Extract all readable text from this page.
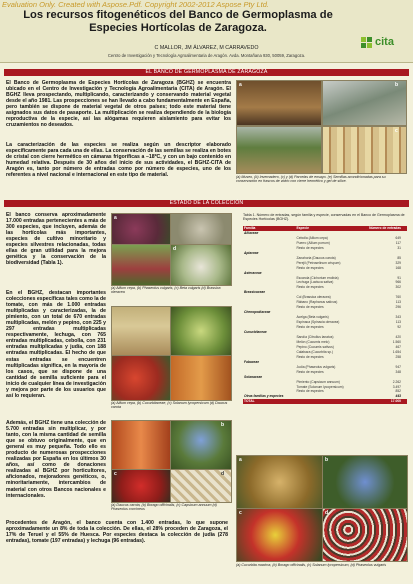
Evaluation Only. Created with Aspose.Pdf. Copyright 2002-2012 Aspose Pty Ltd.
Los recursos fitogenéticos del Banco de Germoplasma de Especies Hortícolas de Zaragoza.
cita
C MALLOR, JM ÁLVAREZ, M CARRAVEDO
Centro de Investigación y Tecnología Agroalimentaria de Aragón. Avda. Montañana 930, 50059, Zaragoza.
EL BANCO DE GERMOPLASMA DE ZARAGOZA
El Banco de Germoplasma de Especies Hortícolas de Zaragoza (BGHZ) se encuentra ubicado en el Centro de Investigación y Tecnología Agroalimentaria (CITA) de Aragón. El BGHZ lleva prospectando, multiplicando, caracterizando y conservando material vegetal desde el año 1981. Las prospecciones se han llevado a cabo fundamentalmente en España, pero también se dispone de material vegetal de otros países; todo este material tiene asignados sus datos de pasaporte. La multiplicación se realiza dependiendo de la biología reproductiva de la especie, así las alógamas requieren aislamiento para evitar los cruzamientos no deseados.
La caracterización de las especies se realiza según un descriptor elaborado específicamente para cada una de ellas. La conservación de las semillas se realiza en botes de cristal con cierre hermético en cámaras frigoríficas a –18ºC, y con un bajo contenido en humedad relativa. Después de 30 años del inicio de sus actividades, el BGHZ-CITA de Aragón es, tanto por número de entradas como por número de especies, uno de los referentes a nivel nacional e internacional en este tipo de material.
a	b
c
(a) Museo, (b) Invernadero, (c) y (d) Parcelas de ensayo. (e) Semillas acondicionadas para su conservación en frascos de vidrio con cierre hermético y gel de sílice.
ESTADO DE LA COLECCIÓN
El banco conserva aproximadamente 17.000 entradas pertenecientes a más de 300 especies, que incluyen, además de las hortícolas más importantes, especies de cultivo minoritario y especies silvestres relacionadas, todas ellas de gran utilidad para la mejora genética y la conservación de la biodiversidad (Tabla 1).
En el BGHZ, destacan importantes colecciones específicas tales como la de tomate, con más de 1.000 entradas multiplicadas y caracterizadas, la de pimiento, con un total de 670 entradas multiplicadas, melón y pepino, con 225 y 297 entradas multiplicadas respectivamente, lechuga, con 765 entradas multiplicadas, cebolla, con 231 entradas multiplicadas y judía, con 188 entradas multiplicadas. El hecho de que estas entradas se encuentren multiplicadas significa, en la mayoría de los casos, que se dispone de una cantidad de semilla suficiente para el inicio de cualquier línea de investigación y mejora por parte de los usuarios que así lo requieran.
Además, el BGHZ tiene una colección de 5.700 entradas sin multiplicar, y por tanto, con la misma cantidad de semilla que se obtuvo originalmente, que en general es muy pequeña. Todo ello es producto de numerosas prospecciones realizadas por España en los últimos 30 años, así como de donaciones realizadas al BGHZ por horticultores, aficionados, mejoradores genéticos, o, minoritariamente, intercambios de material con otros Bancos nacionales e internacionales.
Procedentes de Aragón, el banco cuenta con 1.400 entradas, lo que supone aproximadamente un 8% de toda la colección. De ellas, el 28% proceden de Zaragoza, el 17% de Teruel y el 55% de Huesca. Por especies destaca la colección de judía (278 entradas), tomate (197 entradas) y lechuga (96 entradas).
a
d
(a) Allium cepa, (b) Phaseolus vulgaris, (c) Beta vulgaris (d) Brassica oleracea
(a) Allium cepa, (b) Cucurbitaceae, (c) Solanum lycopersicum (d) Daucus carota
b
c	d
(a) Daucus carota, (b) Borago officinalis, (c) Capsicum annuum (d) Phaseolus coccineus
Tabla 1. Número de entradas, según familia y especie, conservadas en el Banco de Germoplasma de Especies Hortícolas (BGHZ).
Familia	Especie	Número de entradas
Alliaceae		
	Cebolla (Allium cepa)	649
	Puerro (Allium porrum)	117
	Resto de especies	31
Apiaceae		
	Zanahoria (Daucus carota)	85
	Perejil (Petroselinum crispum)	329
	Resto de especies	168
Asteraceae		
	Escarola (Cichorium endivia)	91
	Lechuga (Lactuca sativa)	966
	Resto de especies	302
Brassicaceae		
	Col (Brassica oleracea)	760
	Rábano (Raphanus sativus)	113
	Resto de especies	296
Chenopodiaceae		
	Acelga (Beta vulgaris)	343
	Espinaca (Spinacia oleracea)	113
	Resto de especies	92
Cucurbitaceae		
	Sandía (Citrullus lanatus)	420
	Melón (Cucumis melo)	1.560
	Pepino (Cucumis sativus)	467
	Calabaza (Cucurbita sp.)	1.654
	Resto de especies	258
Fabaceae		
	Judía (Phaseolus vulgaris)	947
	Resto de especies	348
Solanaceae		
	Pimiento (Capsicum annuum)	2.262
	Tomate (Solanum lycopersicum)	3.497
	Resto de especies	852
Otras familias y especies		443
TOTAL		17.000
a	b
c	d
(a) Cucurbita maxima, (b) Borago officinalis, (c) Solanum lycopersicum, (d) Phaseolus vulgaris
